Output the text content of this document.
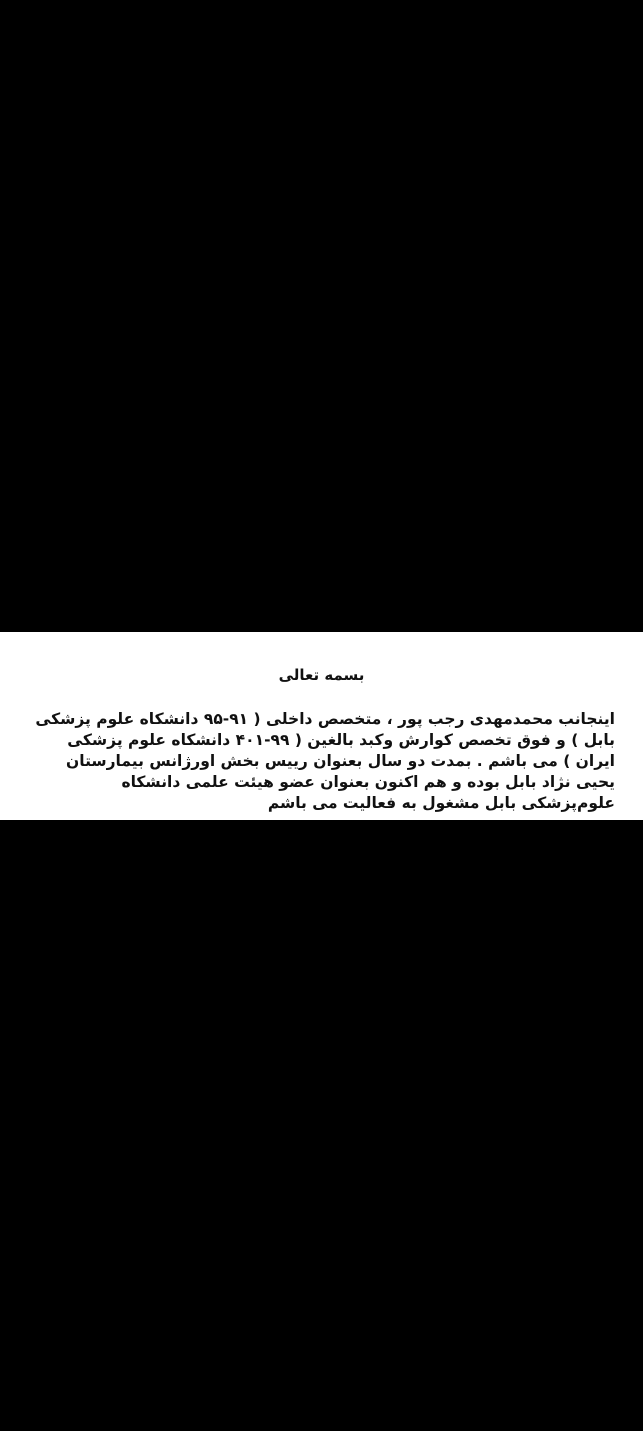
بسمه تعالی

اینجانب محمدمهدی رجب پور ، متخصص داخلی ( ۹۱-۹۵ دانشکاه علوم پزشکی بابل ) و فوق تخصص کوارش وکبد بالغین ( ۹۹-۴۰۱ دانشکاه علوم پزشکی ایران ) می باشم . بمدت دو سال بعنوان رییس بخش اورژانس بیمارستان یحیی نژاد بابل بوده و هم اکنون بعنوان عضو هیئت علمی دانشکاه علوم‌پزشکی بابل مشغول به فعالیت می باشم
